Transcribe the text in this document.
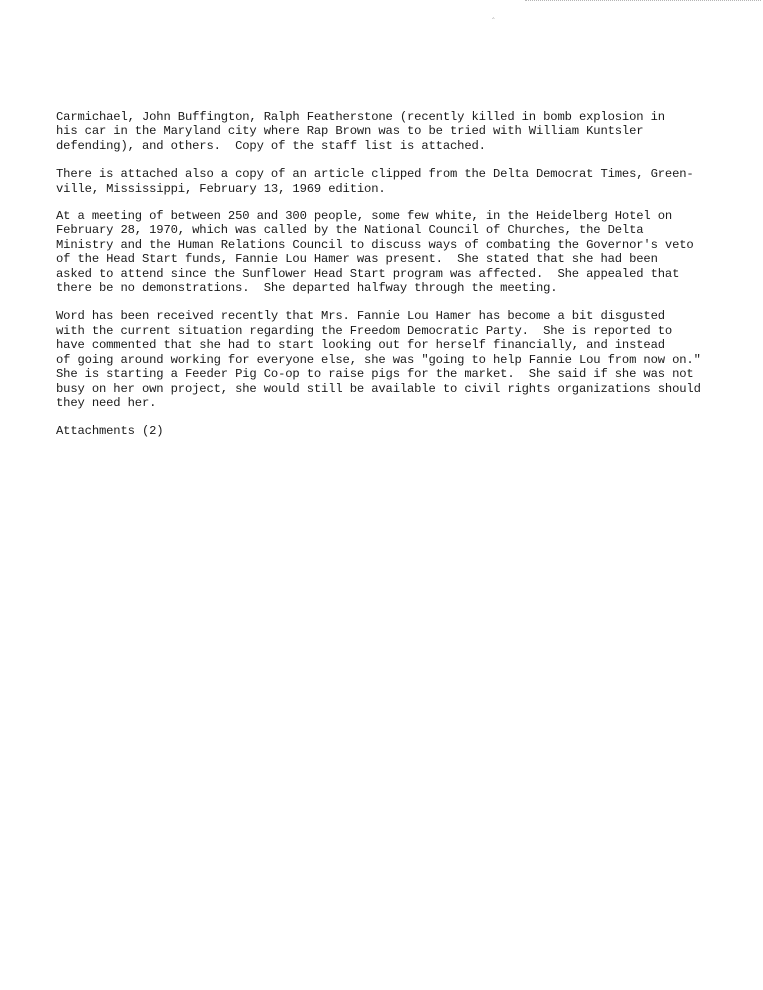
‸

Carmichael, John Buffington, Ralph Featherstone (recently killed in bomb explosion in
his car in the Maryland city where Rap Brown was to be tried with William Kuntsler
defending), and others.  Copy of the staff list is attached.

There is attached also a copy of an article clipped from the Delta Democrat Times, Green-
ville, Mississippi, February 13, 1969 edition.

At a meeting of between 250 and 300 people, some few white, in the Heidelberg Hotel on
February 28, 1970, which was called by the National Council of Churches, the Delta
Ministry and the Human Relations Council to discuss ways of combating the Governor's veto
of the Head Start funds, Fannie Lou Hamer was present.  She stated that she had been
asked to attend since the Sunflower Head Start program was affected.  She appealed that
there be no demonstrations.  She departed halfway through the meeting.

Word has been received recently that Mrs. Fannie Lou Hamer has become a bit disgusted
with the current situation regarding the Freedom Democratic Party.  She is reported to
have commented that she had to start looking out for herself financially, and instead
of going around working for everyone else, she was "going to help Fannie Lou from now on."
She is starting a Feeder Pig Co-op to raise pigs for the market.  She said if she was not
busy on her own project, she would still be available to civil rights organizations should
they need her.

Attachments (2)
